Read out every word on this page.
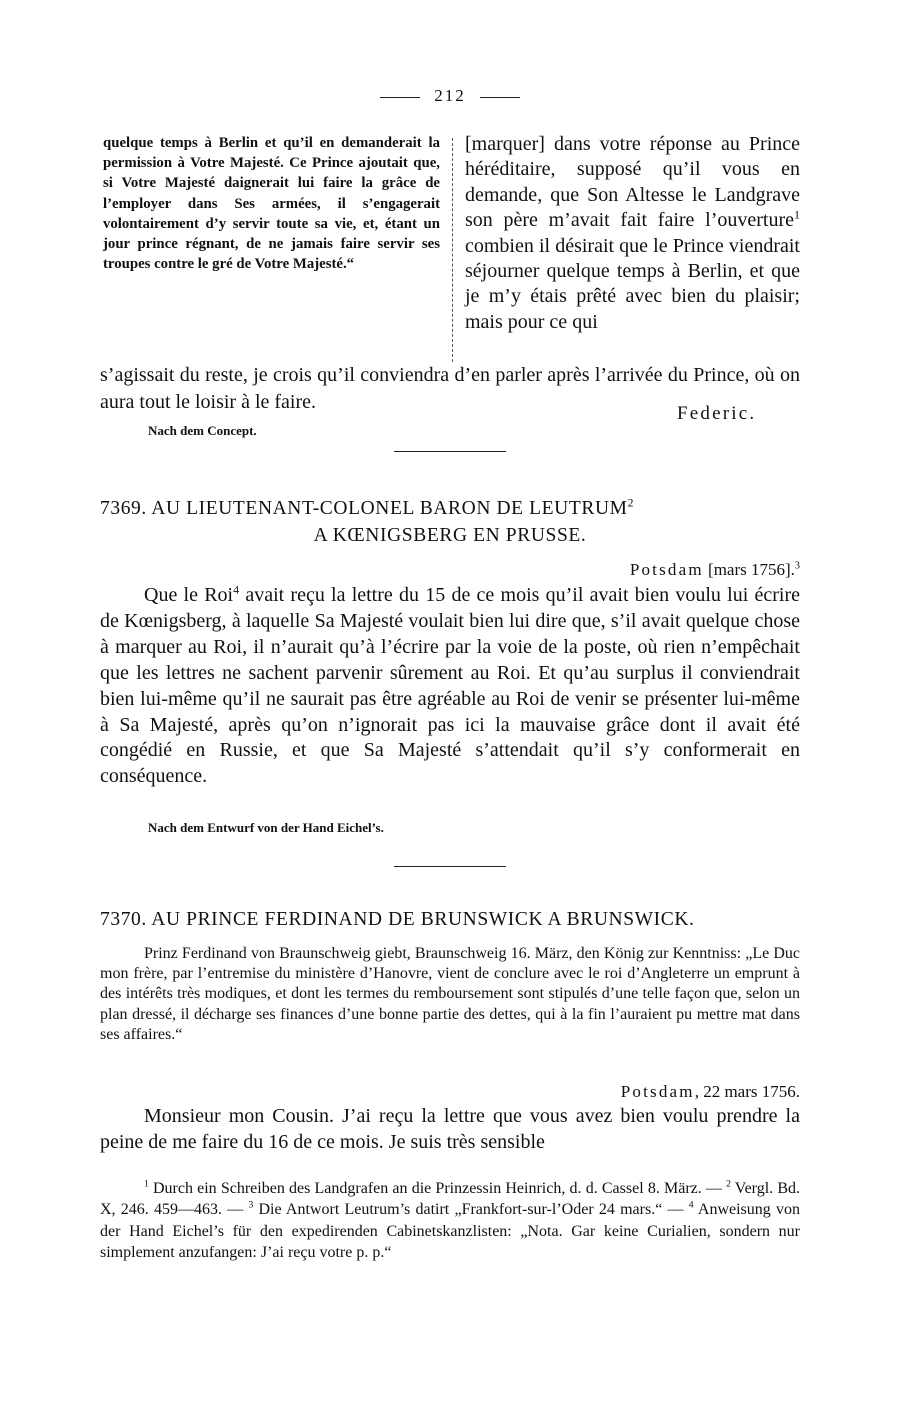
212
quelque temps à Berlin et qu’il en demanderait la permission à Votre Majesté. Ce Prince ajoutait que, si Votre Majesté daignerait lui faire la grâce de l’employer dans Ses armées, il s’engagerait volontairement d’y servir toute sa vie, et, étant un jour prince régnant, de ne jamais faire servir ses troupes contre le gré de Votre Majesté.“
[marquer] dans votre réponse au Prince héréditaire, supposé qu’il vous en demande, que Son Altesse le Landgrave son père m’avait fait faire l’ouverture$^1$ combien il désirait que le Prince viendrait séjourner quelque temps à Berlin, et que je m’y étais prêté avec bien du plaisir; mais pour ce qui
s’agissait du reste, je crois qu’il conviendra d’en parler après l’arrivée du Prince, où on aura tout le loisir à le faire.
Federic.
Nach dem Concept.
7369. AU LIEUTENANT-COLONEL BARON DE LEUTRUM$^2$
A KŒNIGSBERG EN PRUSSE.
Potsdam [mars 1756].$^3$
Que le Roi$^4$ avait reçu la lettre du 15 de ce mois qu’il avait bien voulu lui écrire de Kœnigsberg, à laquelle Sa Majesté voulait bien lui dire que, s’il avait quelque chose à marquer au Roi, il n’aurait qu’à l’écrire par la voie de la poste, où rien n’empêchait que les lettres ne sachent parvenir sûrement au Roi. Et qu’au surplus il conviendrait bien lui-même qu’il ne saurait pas être agréable au Roi de venir se présenter lui-même à Sa Majesté, après qu’on n’ignorait pas ici la mauvaise grâce dont il avait été congédié en Russie, et que Sa Majesté s’attendait qu’il s’y conformerait en conséquence.
Nach dem Entwurf von der Hand Eichel’s.
7370. AU PRINCE FERDINAND DE BRUNSWICK A BRUNSWICK.
Prinz Ferdinand von Braunschweig giebt, Braunschweig 16. März, den König zur Kenntniss: „Le Duc mon frère, par l’entremise du ministère d’Hanovre, vient de conclure avec le roi d’Angleterre un emprunt à des intérêts très modiques, et dont les termes du remboursement sont stipulés d’une telle façon que, selon un plan dressé, il décharge ses finances d’une bonne partie des dettes, qui à la fin l’auraient pu mettre mat dans ses affaires.“
Potsdam, 22 mars 1756.
Monsieur mon Cousin. J’ai reçu la lettre que vous avez bien voulu prendre la peine de me faire du 16 de ce mois. Je suis très sensible
$^1$ Durch ein Schreiben des Landgrafen an die Prinzessin Heinrich, d. d. Cassel 8. März. — $^2$ Vergl. Bd. X, 246. 459—463. — $^3$ Die Antwort Leutrum’s datirt „Frankfort-sur-l’Oder 24 mars.“ — $^4$ Anweisung von der Hand Eichel’s für den expedirenden Cabinetskanzlisten: „Nota. Gar keine Curialien, sondern nur simplement anzufangen: J’ai reçu votre p. p.“
